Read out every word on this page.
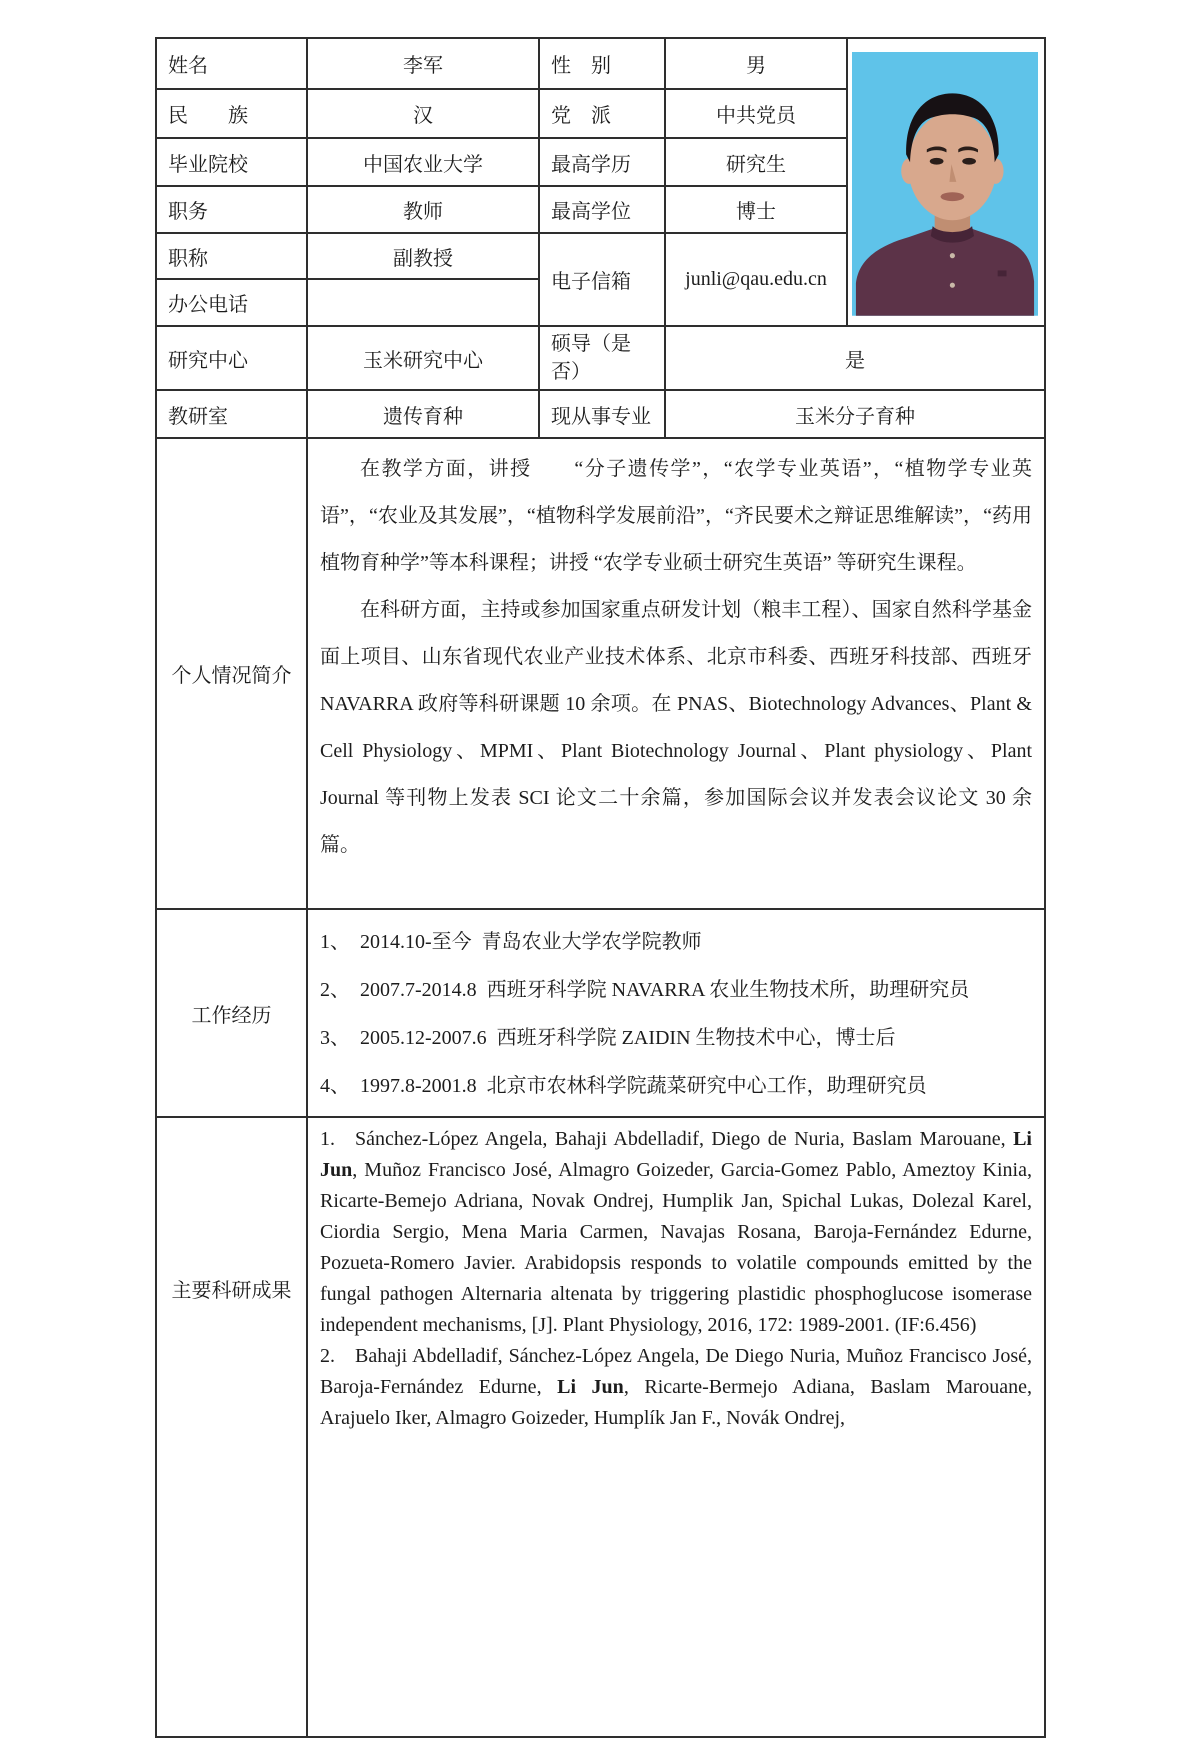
姓名	李军	性　别	男	

民　　族	汉	党　派	中共党员	
毕业院校	中国农业大学	最高学历	研究生	
职务	教师	最高学位	博士	
职称	副教授	电子信箱	junli@qau.edu.cn	
办公电话				
研究中心	玉米研究中心	硕导（是否）	是	
教研室	遗传育种	现从事专业	玉米分子育种	
个人情况简介	在教学方面，讲授　　“分子遗传学”，“农学专业英语”，“植物学专业英语”，“农业及其发展”，“植物科学发展前沿”，“齐民要术之辩证思维解读”，“药用植物育种学”等本科课程；讲授 “农学专业硕士研究生英语” 等研究生课程。
在科研方面，主持或参加国家重点研发计划（粮丰工程）、国家自然科学基金面上项目、山东省现代农业产业技术体系、北京市科委、西班牙科技部、西班牙 NAVARRA 政府等科研课题 10 余项。在 PNAS、Biotechnology Advances、Plant & Cell Physiology、MPMI、Plant Biotechnology Journal、Plant physiology、Plant Journal 等刊物上发表 SCI 论文二十余篇，参加国际会议并发表会议论文 30 余篇。			

工作经历	1、 2014.10-至今 青岛农业大学农学院教师
2、 2007.7-2014.8 西班牙科学院 NAVARRA 农业生物技术所，助理研究员
3、 2005.12-2007.6 西班牙科学院 ZAIDIN 生物技术中心，博士后
4、 1997.8-2001.8 北京市农林科学院蔬菜研究中心工作，助理研究员			

主要科研成果	1. Sánchez-López Angela, Bahaji Abdelladif, Diego de Nuria, Baslam Marouane, Li Jun, Muñoz Francisco José, Almagro Goizeder, Garcia-Gomez Pablo, Ameztoy Kinia, Ricarte-Bemejo Adriana, Novak Ondrej, Humplik Jan, Spichal Lukas, Dolezal Karel, Ciordia Sergio, Mena Maria Carmen, Navajas Rosana, Baroja-Fernández Edurne, Pozueta-Romero Javier. Arabidopsis responds to volatile compounds emitted by the fungal pathogen Alternaria altenata by triggering plastidic phosphoglucose isomerase independent mechanisms, [J]. Plant Physiology, 2016, 172: 1989-2001. (IF:6.456)
2. Bahaji Abdelladif, Sánchez-López Angela, De Diego Nuria, Muñoz Francisco José, Baroja-Fernández Edurne, Li Jun, Ricarte-Bermejo Adiana, Baslam Marouane, Arajuelo Iker, Almagro Goizeder, Humplík Jan F., Novák Ondrej,			
